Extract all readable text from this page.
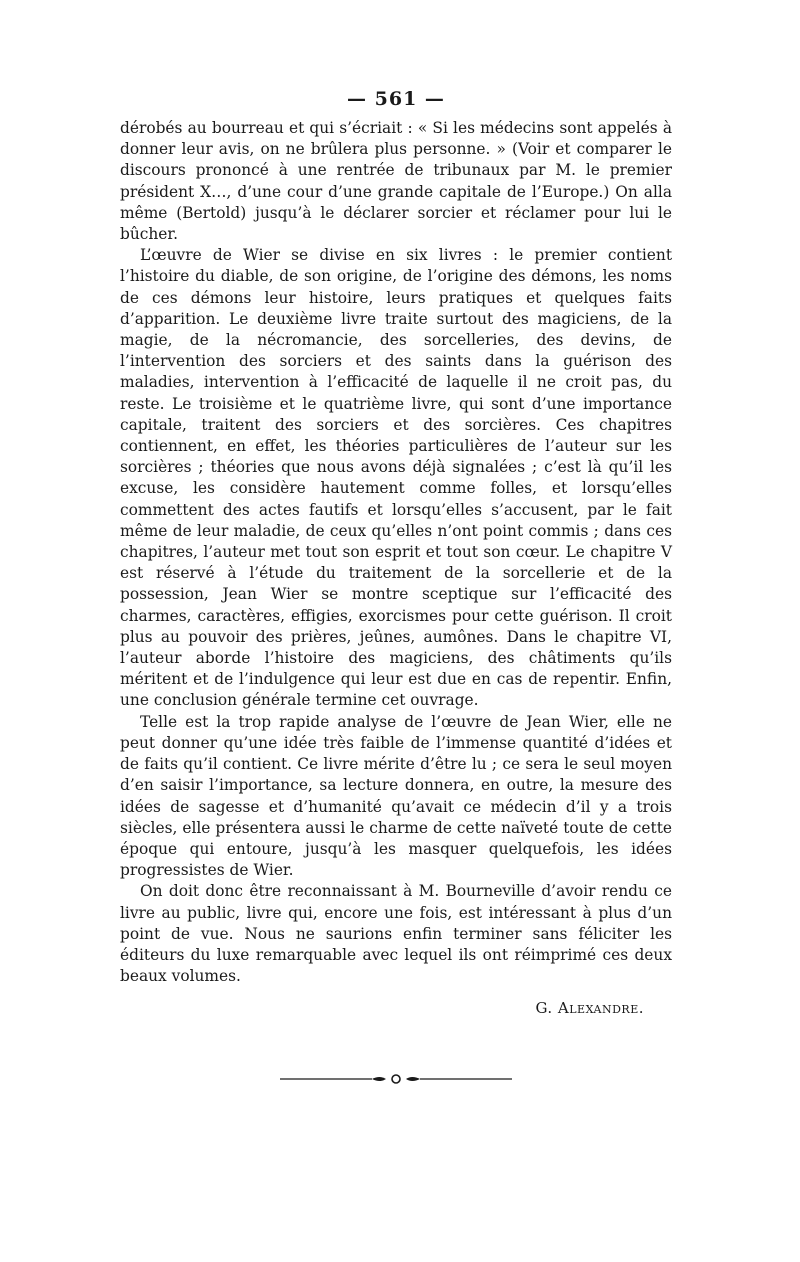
— 561 —

dérobés au bourreau et qui s’écriait : « Si les médecins sont appelés à donner leur avis, on ne brûlera plus personne. » (Voir et comparer le discours prononcé à une rentrée de tribunaux par M. le premier président X…, d’une cour d’une grande capitale de l’Europe.) On alla même (Bertold) jusqu’à le déclarer sorcier et réclamer pour lui le bûcher.

L’œuvre de Wier se divise en six livres : le premier contient l’histoire du diable, de son origine, de l’origine des démons, les noms de ces démons leur histoire, leurs pratiques et quelques faits d’apparition. Le deuxième livre traite surtout des magiciens, de la magie, de la nécromancie, des sorcelleries, des devins, de l’intervention des sorciers et des saints dans la guérison des maladies, intervention à l’efficacité de laquelle il ne croit pas, du reste. Le troisième et le quatrième livre, qui sont d’une importance capitale, traitent des sorciers et des sorcières. Ces chapitres contiennent, en effet, les théories particulières de l’auteur sur les sorcières ; théories que nous avons déjà signalées ; c’est là qu’il les excuse, les considère hautement comme folles, et lorsqu’elles commettent des actes fautifs et lorsqu’elles s’accusent, par le fait même de leur maladie, de ceux qu’elles n’ont point commis ; dans ces chapitres, l’auteur met tout son esprit et tout son cœur. Le chapitre V est réservé à l’étude du traitement de la sorcellerie et de la possession, Jean Wier se montre sceptique sur l’efficacité des charmes, caractères, effigies, exorcismes pour cette guérison. Il croit plus au pouvoir des prières, jeûnes, aumônes. Dans le chapitre VI, l’auteur aborde l’histoire des magiciens, des châtiments qu’ils méritent et de l’indulgence qui leur est due en cas de repentir. Enfin, une conclusion générale termine cet ouvrage.

Telle est la trop rapide analyse de l’œuvre de Jean Wier, elle ne peut donner qu’une idée très faible de l’immense quantité d’idées et de faits qu’il contient. Ce livre mérite d’être lu ; ce sera le seul moyen d’en saisir l’importance, sa lecture donnera, en outre, la mesure des idées de sagesse et d’humanité qu’avait ce médecin d’il y a trois siècles, elle présentera aussi le charme de cette naïveté toute de cette époque qui entoure, jusqu’à les masquer quelquefois, les idées progressistes de Wier.

On doit donc être reconnaissant à M. Bourneville d’avoir rendu ce livre au public, livre qui, encore une fois, est intéressant à plus d’un point de vue. Nous ne saurions enfin terminer sans féliciter les éditeurs du luxe remarquable avec lequel ils ont réimprimé ces deux beaux volumes.

G. Alexandre.
